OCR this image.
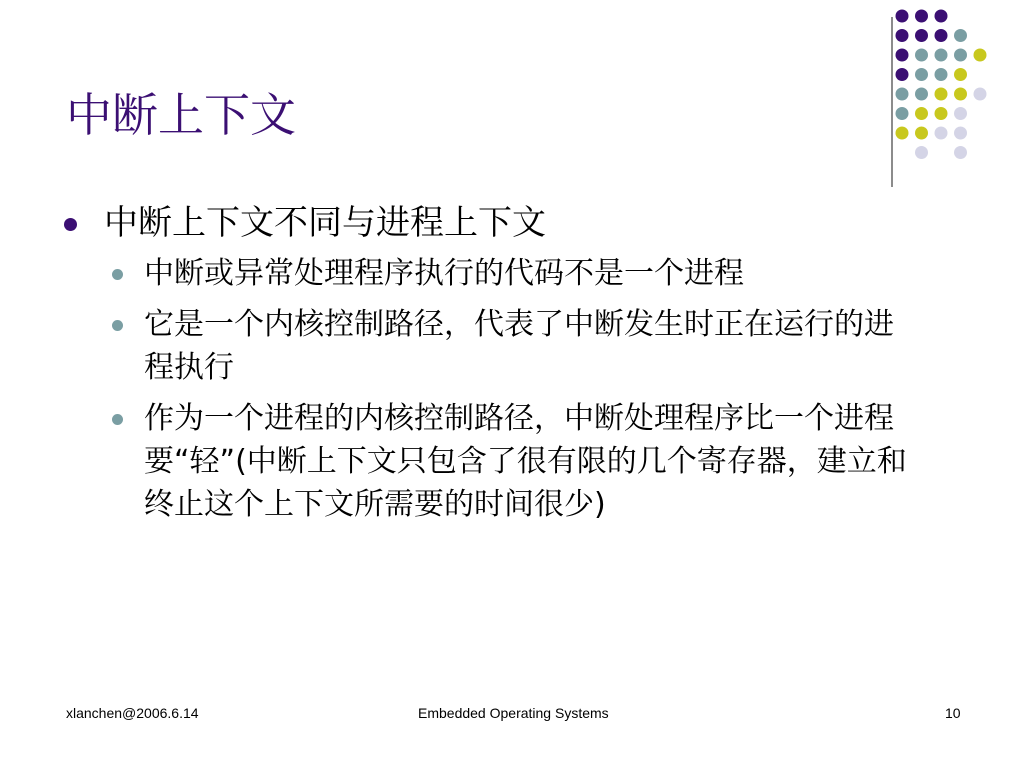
中断上下文
中断上下文不同与进程上下文
中断或异常处理程序执行的代码不是一个进程
它是一个内核控制路径，代表了中断发生时正在运行的进程执行
作为一个进程的内核控制路径，中断处理程序比一个进程要“轻”(中断上下文只包含了很有限的几个寄存器，建立和终止这个上下文所需要的时间很少)
xlanchen@2006.6.14	Embedded Operating Systems	10
